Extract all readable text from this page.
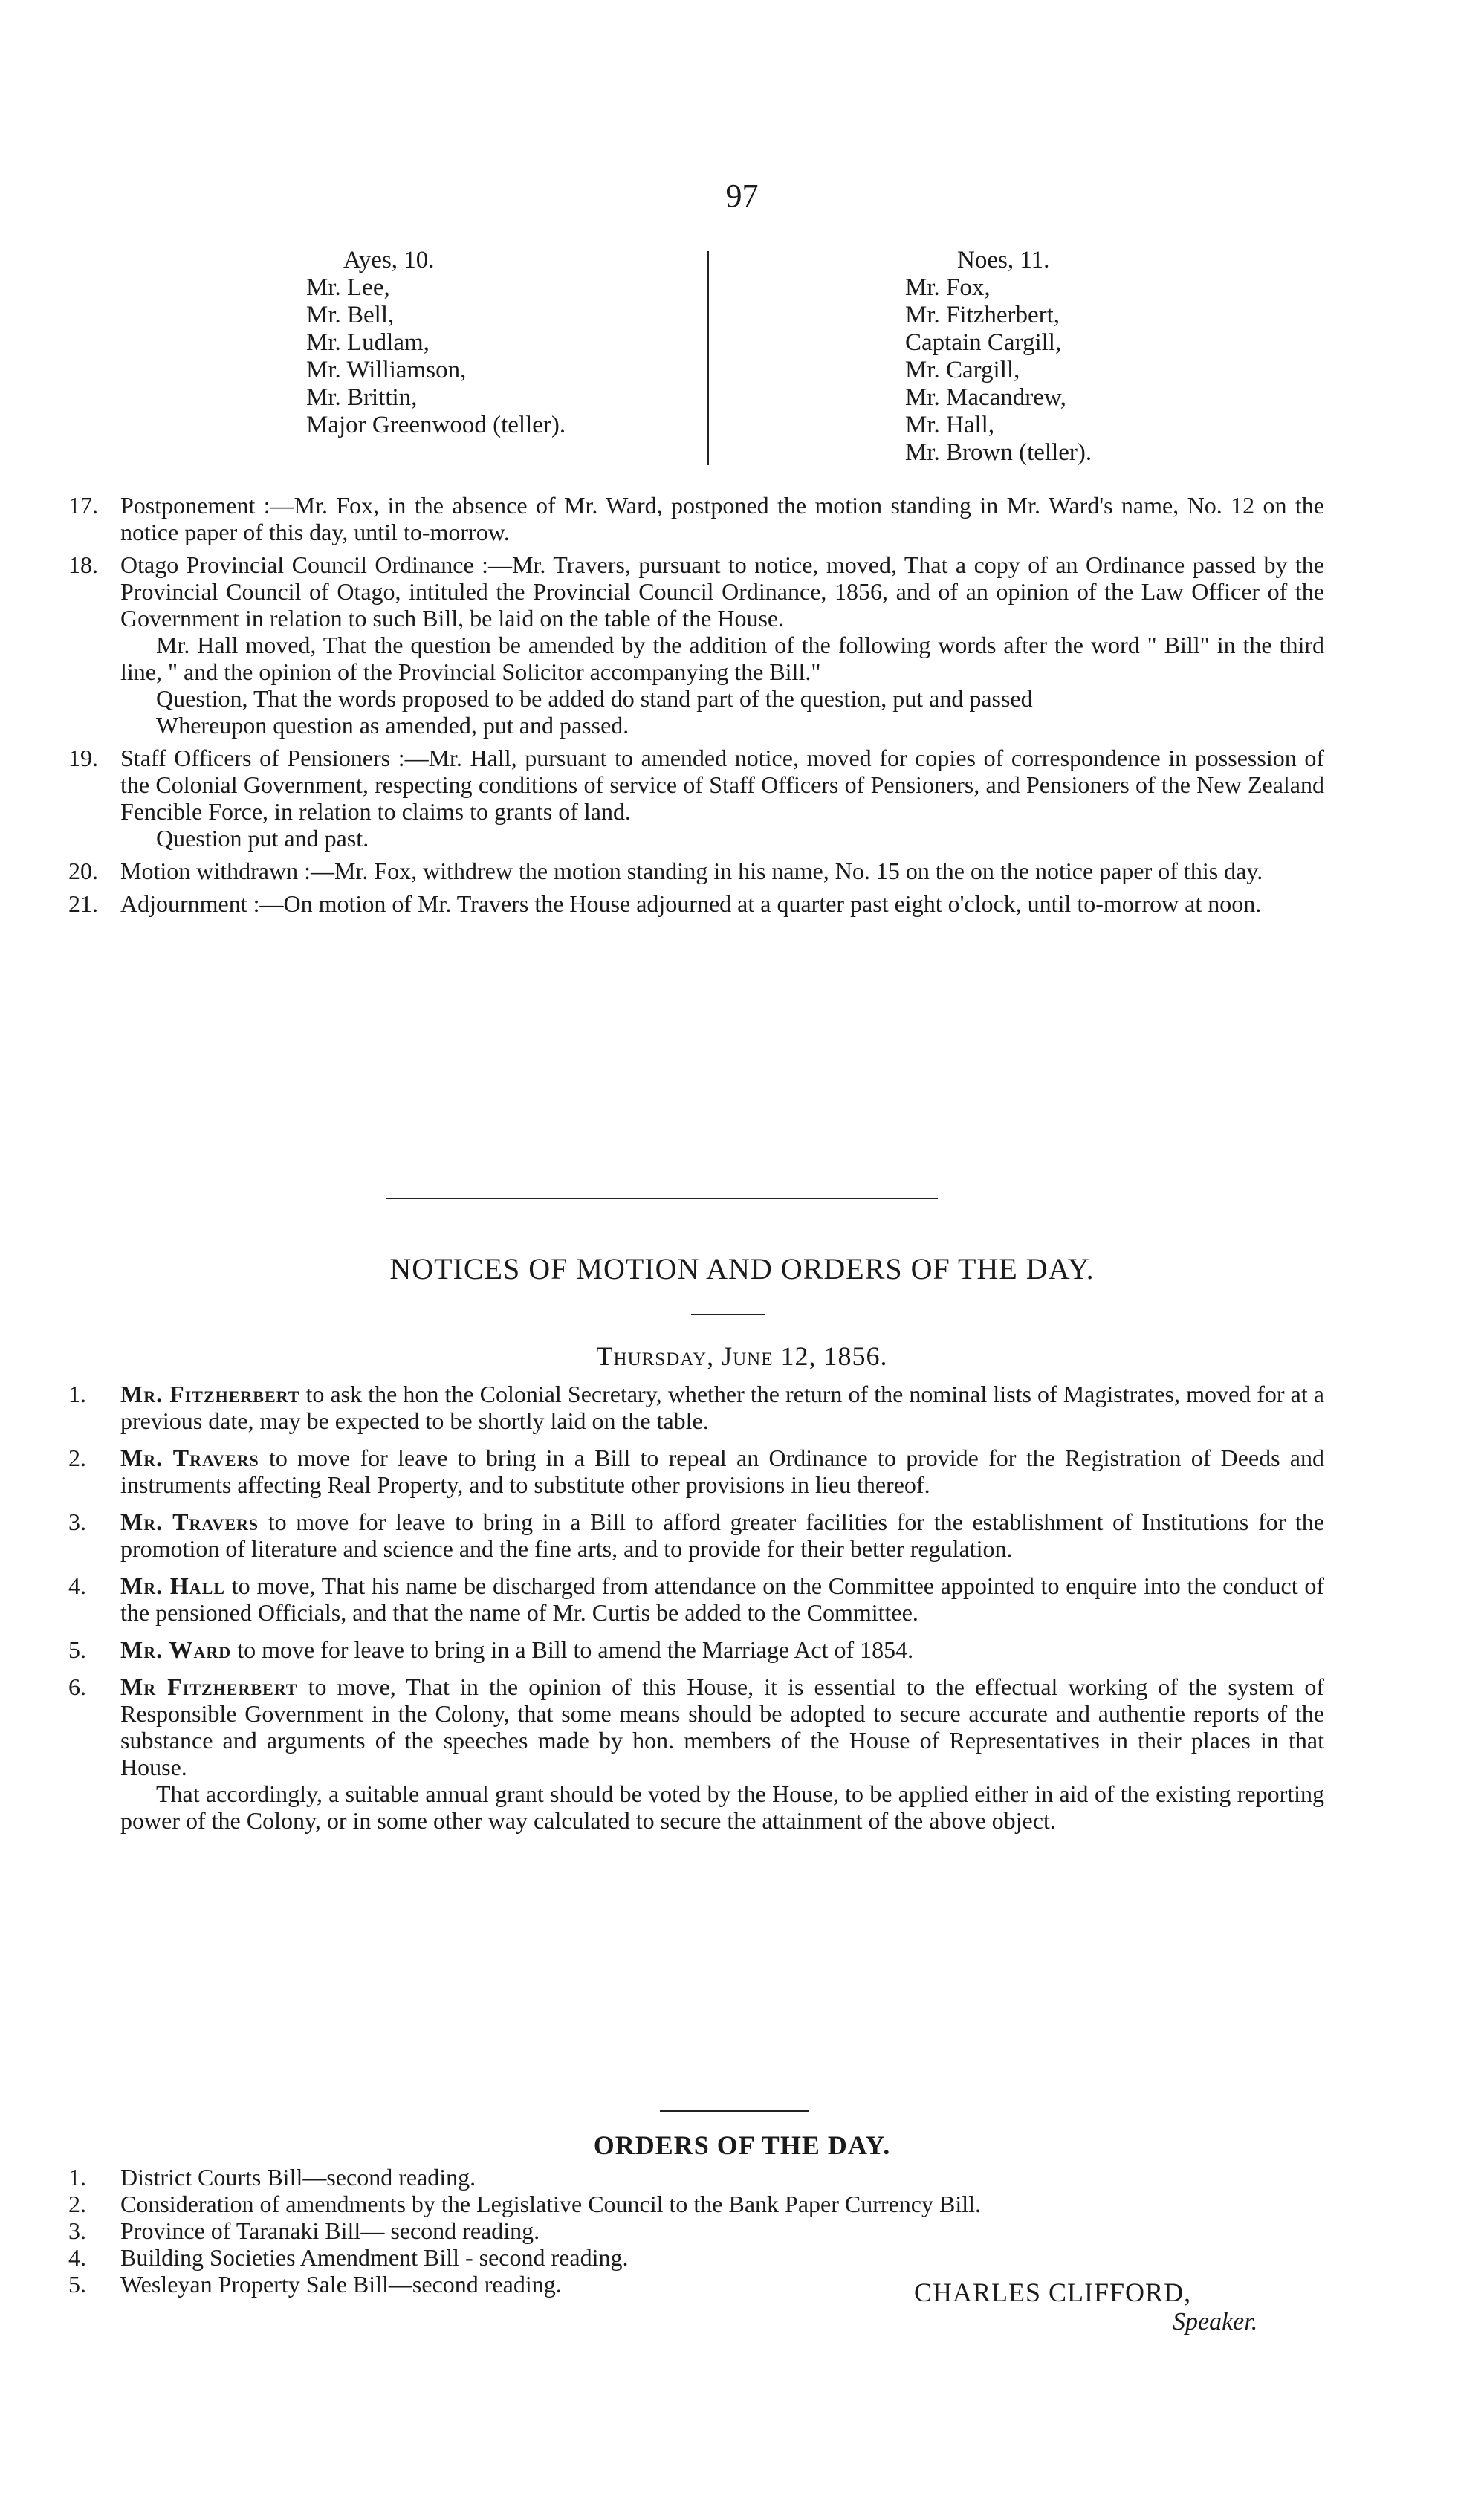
97
Ayes, 10.
Mr. Lee,
Mr. Bell,
Mr. Ludlam,
Mr. Williamson,
Mr. Brittin,
Major Greenwood (teller).
Noes, 11.
Mr. Fox,
Mr. Fitzherbert,
Captain Cargill,
Mr. Cargill,
Mr. Macandrew,
Mr. Hall,
Mr. Brown (teller).
17. Postponement :—Mr. Fox, in the absence of Mr. Ward, postponed the motion standing in Mr. Ward's name, No. 12 on the notice paper of this day, until to-morrow.

18. Otago Provincial Council Ordinance :—Mr. Travers, pursuant to notice, moved, That a copy of an Ordinance passed by the Provincial Council of Otago, intituled the Provincial Council Ordinance, 1856, and of an opinion of the Law Officer of the Government in relation to such Bill, be laid on the table of the House.

Mr. Hall moved, That the question be amended by the addition of the following words after the word " Bill" in the third line, " and the opinion of the Provincial Solicitor accompanying the Bill."

Question, That the words proposed to be added do stand part of the question, put and passed

Whereupon question as amended, put and passed.

19. Staff Officers of Pensioners :—Mr. Hall, pursuant to amended notice, moved for copies of correspondence in possession of the Colonial Government, respecting conditions of service of Staff Officers of Pensioners, and Pensioners of the New Zealand Fencible Force, in relation to claims to grants of land.

Question put and past.

20. Motion withdrawn :—Mr. Fox, withdrew the motion standing in his name, No. 15 on the on the notice paper of this day.

21. Adjournment :—On motion of Mr. Travers the House adjourned at a quarter past eight o'clock, until to-morrow at noon.

NOTICES OF MOTION AND ORDERS OF THE DAY.
Thursday, June 12, 1856.
1. Mr. Fitzherbert to ask the hon the Colonial Secretary, whether the return of the nominal lists of Magistrates, moved for at a previous date, may be expected to be shortly laid on the table.
2. Mr. Travers to move for leave to bring in a Bill to repeal an Ordinance to provide for the Registration of Deeds and instruments affecting Real Property, and to substitute other provisions in lieu thereof.
3. Mr. Travers to move for leave to bring in a Bill to afford greater facilities for the establishment of Institutions for the promotion of literature and science and the fine arts, and to provide for their better regulation.
4. Mr. Hall to move, That his name be discharged from attendance on the Committee appointed to enquire into the conduct of the pensioned Officials, and that the name of Mr. Curtis be added to the Committee.
5. Mr. Ward to move for leave to bring in a Bill to amend the Marriage Act of 1854.
6. Mr Fitzherbert to move, That in the opinion of this House, it is essential to the effectual working of the system of Responsible Government in the Colony, that some means should be adopted to secure accurate and authentie reports of the substance and arguments of the speeches made by hon. members of the House of Representatives in their places in that House.

That accordingly, a suitable annual grant should be voted by the House, to be applied either in aid of the existing reporting power of the Colony, or in some other way calculated to secure the attainment of the above object.

ORDERS OF THE DAY.
1. District Courts Bill—second reading.
2. Consideration of amendments by the Legislative Council to the Bank Paper Currency Bill.
3. Province of Taranaki Bill— second reading.
4. Building Societies Amendment Bill - second reading.
5. Wesleyan Property Sale Bill—second reading.	CHARLES CLIFFORD,
Speaker.
